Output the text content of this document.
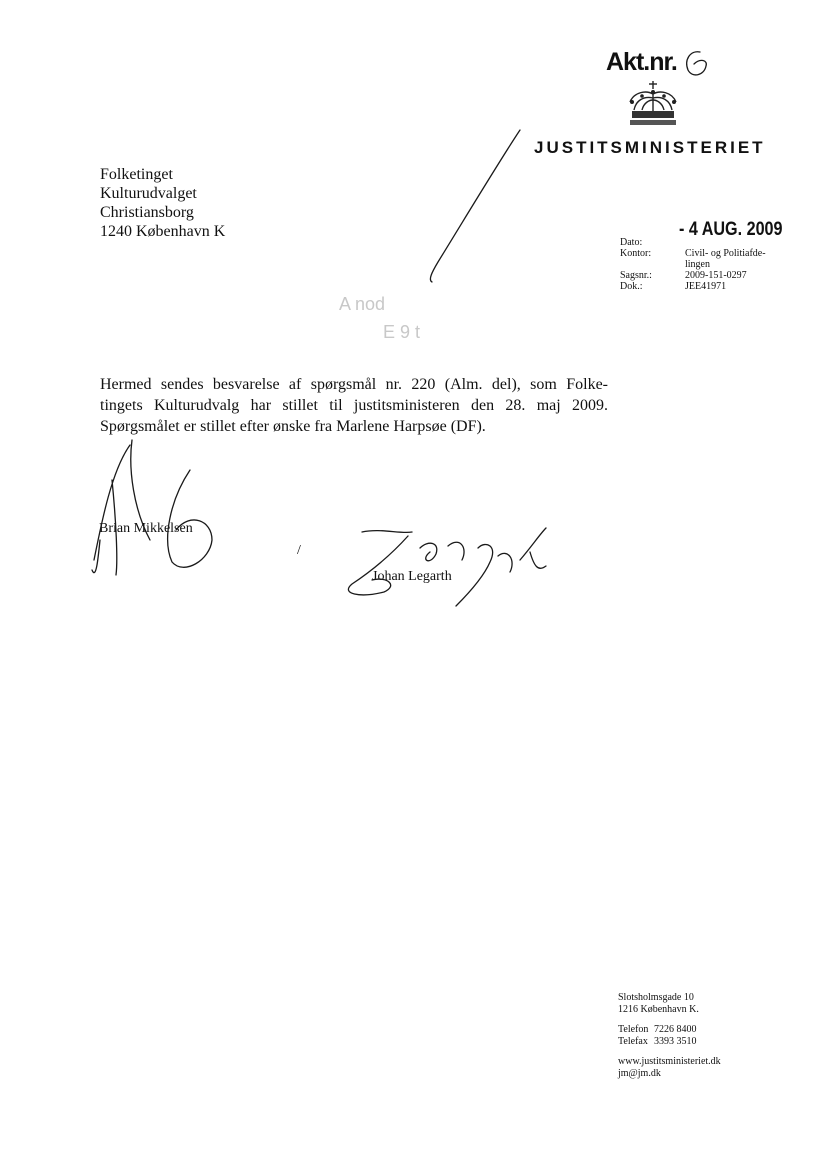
Akt.nr.
JUSTITSMINISTERIET
Folketinget
Kulturudvalget
Christiansborg
1240 København K	- 4 AUG. 2009
Dato:
Kontor:	Civil- og Politiafde-
lingen
Sagsnr.:	2009-151-0297
Dok.:	JEE41971
A nod
E 9 t
Hermed sendes besvarelse af spørgsmål nr. 220 (Alm. del), som Folke-
tingets Kulturudvalg har stillet til justitsministeren den 28. maj 2009.
Spørgsmålet er stillet efter ønske fra Marlene Harpsøe (DF).
Brian Mikkelsen
/
Johan Legarth
Slotsholmsgade 10
1216 København K.
Telefon 7226 8400
Telefax 3393 3510
www.justitsministeriet.dk
jm@jm.dk
